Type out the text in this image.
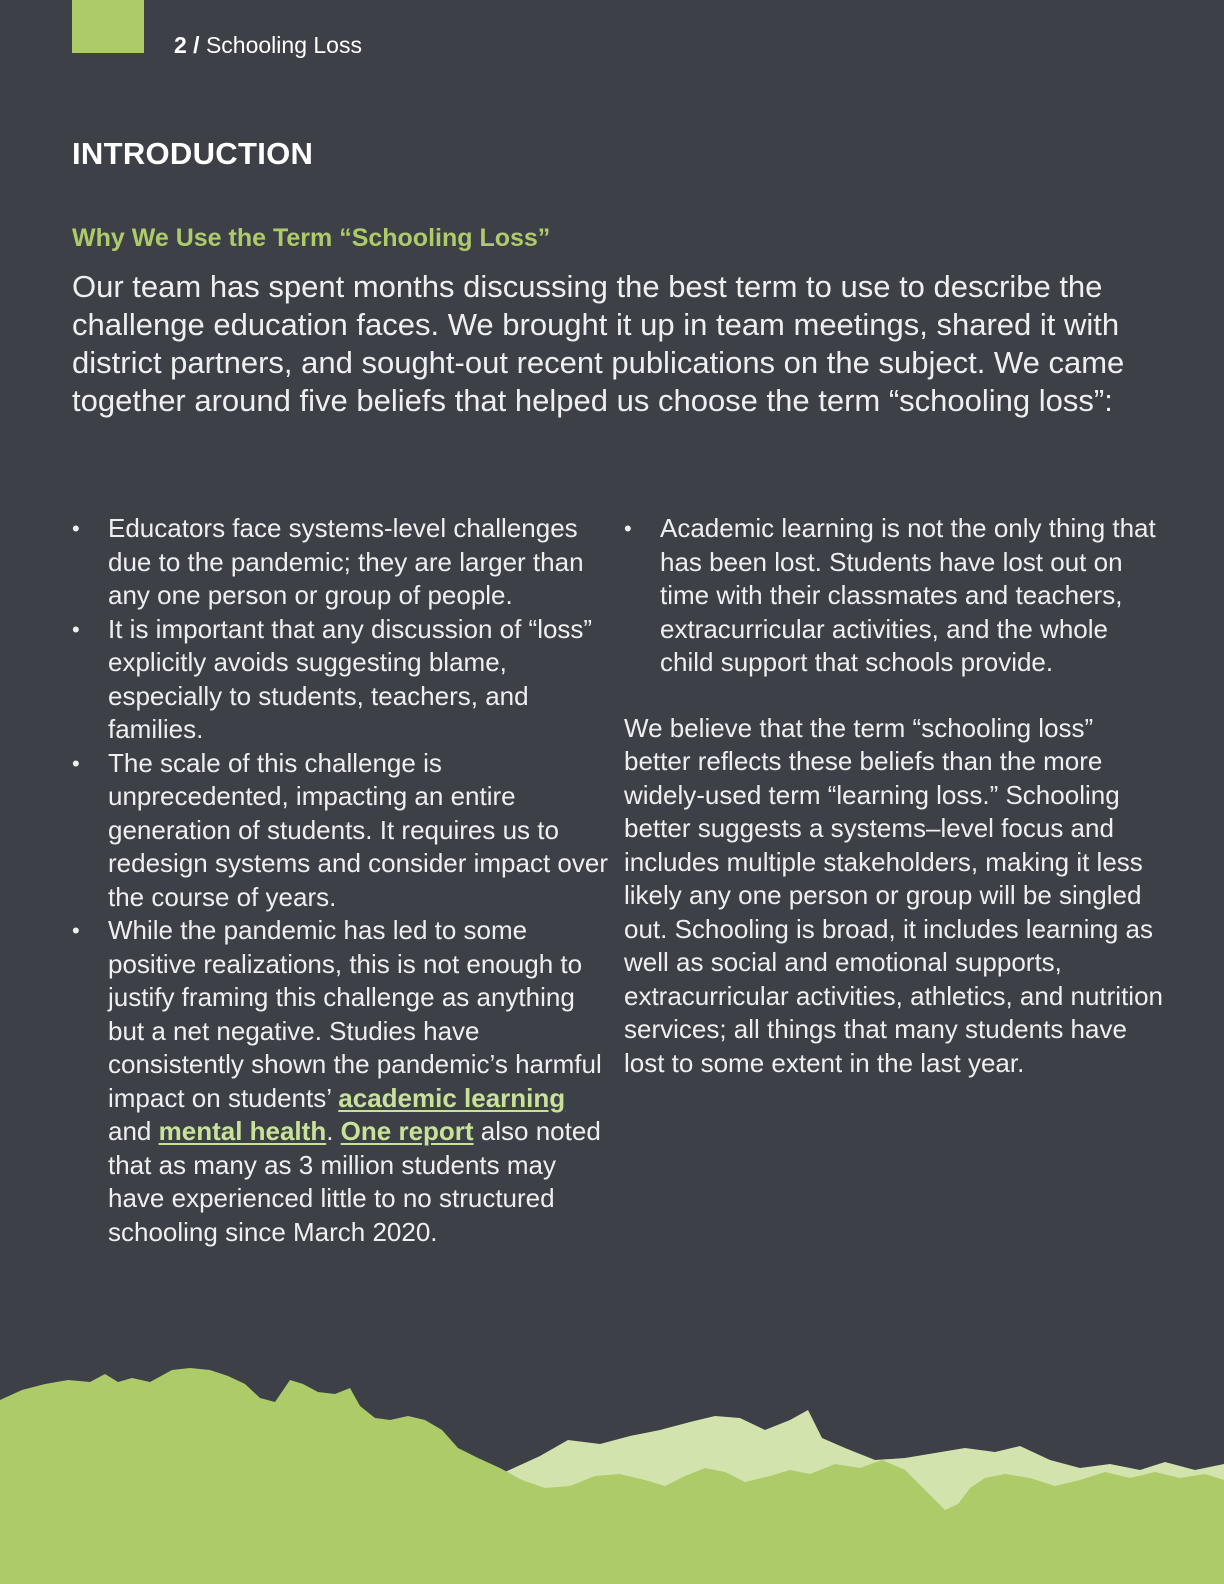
2 / Schooling Loss
INTRODUCTION
Why We Use the Term “Schooling Loss”

Our team has spent months discussing the best term to use to describe the challenge education faces. We brought it up in team meetings, shared it with district partners, and sought-out recent publications on the subject. We came together around five beliefs that helped us choose the term “schooling loss”:

• Educators face systems-level challenges due to the pandemic; they are larger than any one person or group of people.
• It is important that any discussion of “loss” explicitly avoids suggesting blame, especially to students, teachers, and families.
• The scale of this challenge is unprecedented, impacting an entire generation of students. It requires us to redesign systems and consider impact over the course of years.
• While the pandemic has led to some positive realizations, this is not enough to justify framing this challenge as anything but a net negative. Studies have consistently shown the pandemic’s harmful impact on students’ academic learning and mental health. One report also noted that as many as 3 million students may have experienced little to no structured schooling since March 2020.
• Academic learning is not the only thing that has been lost. Students have lost out on time with their classmates and teachers, extracurricular activities, and the whole child support that schools provide.

We believe that the term “schooling loss” better reflects these beliefs than the more widely-used term “learning loss.” Schooling better suggests a systems–level focus and includes multiple stakeholders, making it less likely any one person or group will be singled out. Schooling is broad, it includes learning as well as social and emotional supports, extracurricular activities, athletics, and nutrition services; all things that many students have lost to some extent in the last year.
